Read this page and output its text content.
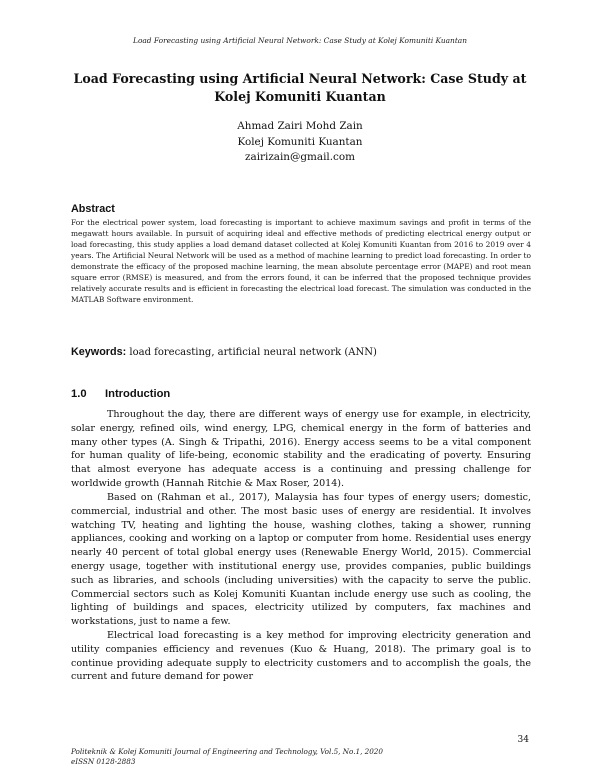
Load Forecasting using Artificial Neural Network: Case Study at Kolej Komuniti Kuantan
Load Forecasting using Artificial Neural Network: Case Study at Kolej Komuniti Kuantan
Ahmad Zairi Mohd Zain
Kolej Komuniti Kuantan
zairizain@gmail.com
Abstract
For the electrical power system, load forecasting is important to achieve maximum savings and profit in terms of the megawatt hours available. In pursuit of acquiring ideal and effective methods of predicting electrical energy output or load forecasting, this study applies a load demand dataset collected at Kolej Komuniti Kuantan from 2016 to 2019 over 4 years. The Artificial Neural Network will be used as a method of machine learning to predict load forecasting. In order to demonstrate the efficacy of the proposed machine learning, the mean absolute percentage error (MAPE) and root mean square error (RMSE) is measured, and from the errors found, it can be inferred that the proposed technique provides relatively accurate results and is efficient in forecasting the electrical load forecast. The simulation was conducted in the MATLAB Software environment.
Keywords: load forecasting, artificial neural network (ANN)
1.0 Introduction

Throughout the day, there are different ways of energy use for example, in electricity, solar energy, refined oils, wind energy, LPG, chemical energy in the form of batteries and many other types (A. Singh & Tripathi, 2016). Energy access seems to be a vital component for human quality of life-being, economic stability and the eradicating of poverty. Ensuring that almost everyone has adequate access is a continuing and pressing challenge for worldwide growth (Hannah Ritchie & Max Roser, 2014).

Based on (Rahman et al., 2017), Malaysia has four types of energy users; domestic, commercial, industrial and other. The most basic uses of energy are residential. It involves watching TV, heating and lighting the house, washing clothes, taking a shower, running appliances, cooking and working on a laptop or computer from home. Residential uses energy nearly 40 percent of total global energy uses (Renewable Energy World, 2015). Commercial energy usage, together with institutional energy use, provides companies, public buildings such as libraries, and schools (including universities) with the capacity to serve the public. Commercial sectors such as Kolej Komuniti Kuantan include energy use such as cooling, the lighting of buildings and spaces, electricity utilized by computers, fax machines and workstations, just to name a few.

Electrical load forecasting is a key method for improving electricity generation and utility companies efficiency and revenues (Kuo & Huang, 2018). The primary goal is to continue providing adequate supply to electricity customers and to accomplish the goals, the current and future demand for power

34
Politeknik & Kolej Komuniti Journal of Engineering and Technology, Vol.5, No.1, 2020
eISSN 0128-2883
